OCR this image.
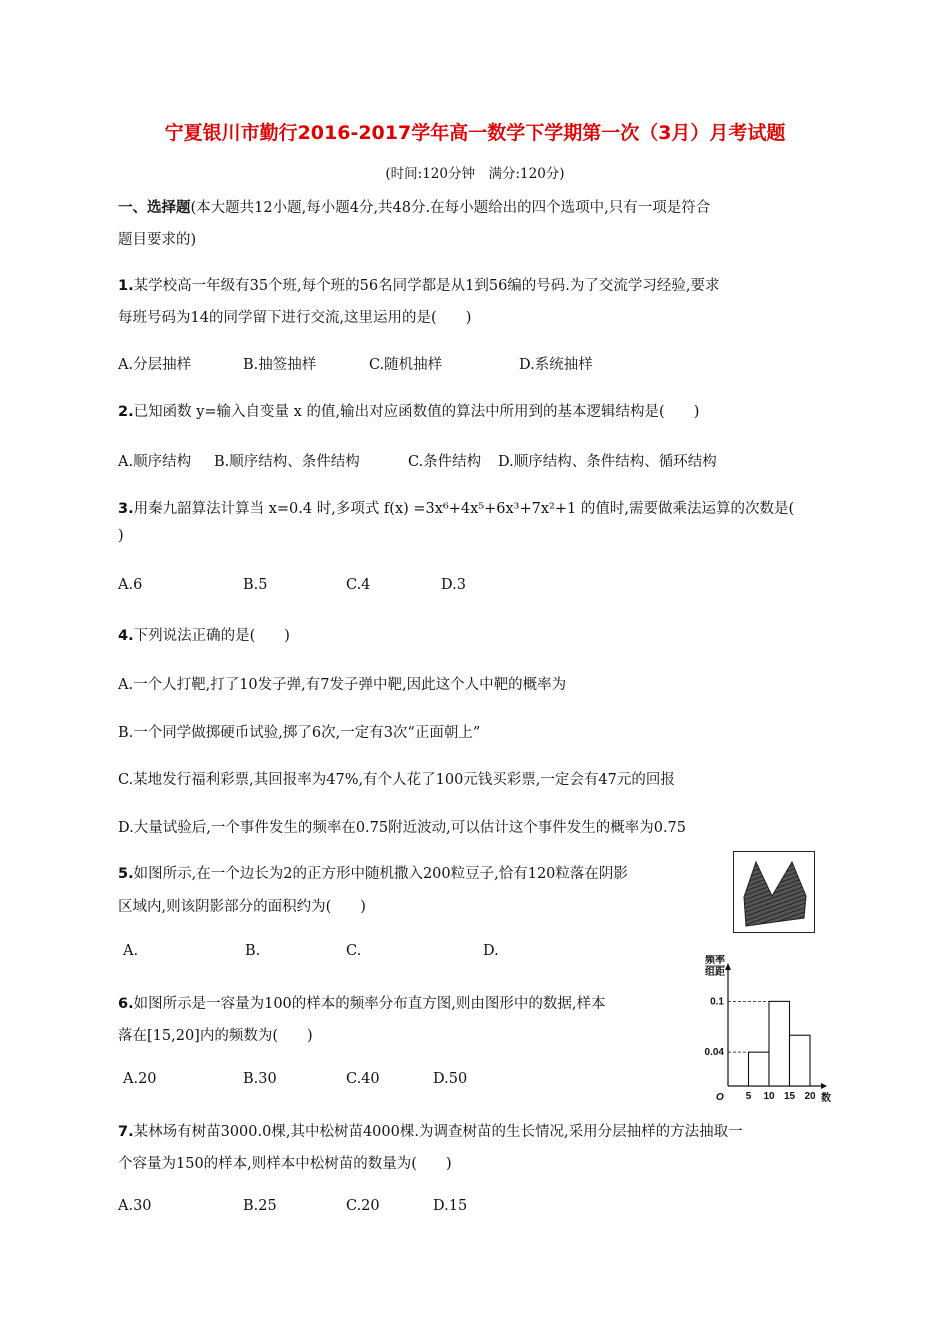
宁夏银川市勤行2016-2017学年高一数学下学期第一次（3月）月考试题
(时间:120分钟　满分:120分)
一、选择题(本大题共12小题,每小题4分,共48分.在每小题给出的四个选项中,只有一项是符合
题目要求的)
1.某学校高一年级有35个班,每个班的56名同学都是从1到56编的号码.为了交流学习经验,要求
每班号码为14的同学留下进行交流,这里运用的是(　　)
A.分层抽样	B.抽签抽样	C.随机抽样	D.系统抽样
2.已知函数 y=输入自变量 x 的值,输出对应函数值的算法中所用到的基本逻辑结构是(　　)
A.顺序结构 B.顺序结构、条件结构	C.条件结构 D.顺序结构、条件结构、循环结构
3.用秦九韶算法计算当 x=0.4 时,多项式 f(x) =3x⁶+4x⁵+6x³+7x²+1 的值时,需要做乘法运算的次数是(
)
A.6	B.5	C.4	D.3
4.下列说法正确的是(　　)
A.一个人打靶,打了10发子弹,有7发子弹中靶,因此这个人中靶的概率为
B.一个同学做掷硬币试验,掷了6次,一定有3次“正面朝上”
C.某地发行福利彩票,其回报率为47%,有个人花了100元钱买彩票,一定会有47元的回报
D.大量试验后,一个事件发生的频率在0.75附近波动,可以估计这个事件发生的概率为0.75
5.如图所示,在一个边长为2的正方形中随机撒入200粒豆子,恰有120粒落在阴影
区域内,则该阴影部分的面积约为(　　)
A.	B.	C.	D.
6.如图所示是一容量为100的样本的频率分布直方图,则由图形中的数据,样本
落在[15,20]内的频数为(　　)
A.20	B.30	C.40	D.50
频率
组距
数
O
0.04
0.1
5 10 15 20
7.某林场有树苗3000.0棵,其中松树苗4000棵.为调查树苗的生长情况,采用分层抽样的方法抽取一
个容量为150的样本,则样本中松树苗的数量为(　　)
A.30	B.25	C.20	D.15
